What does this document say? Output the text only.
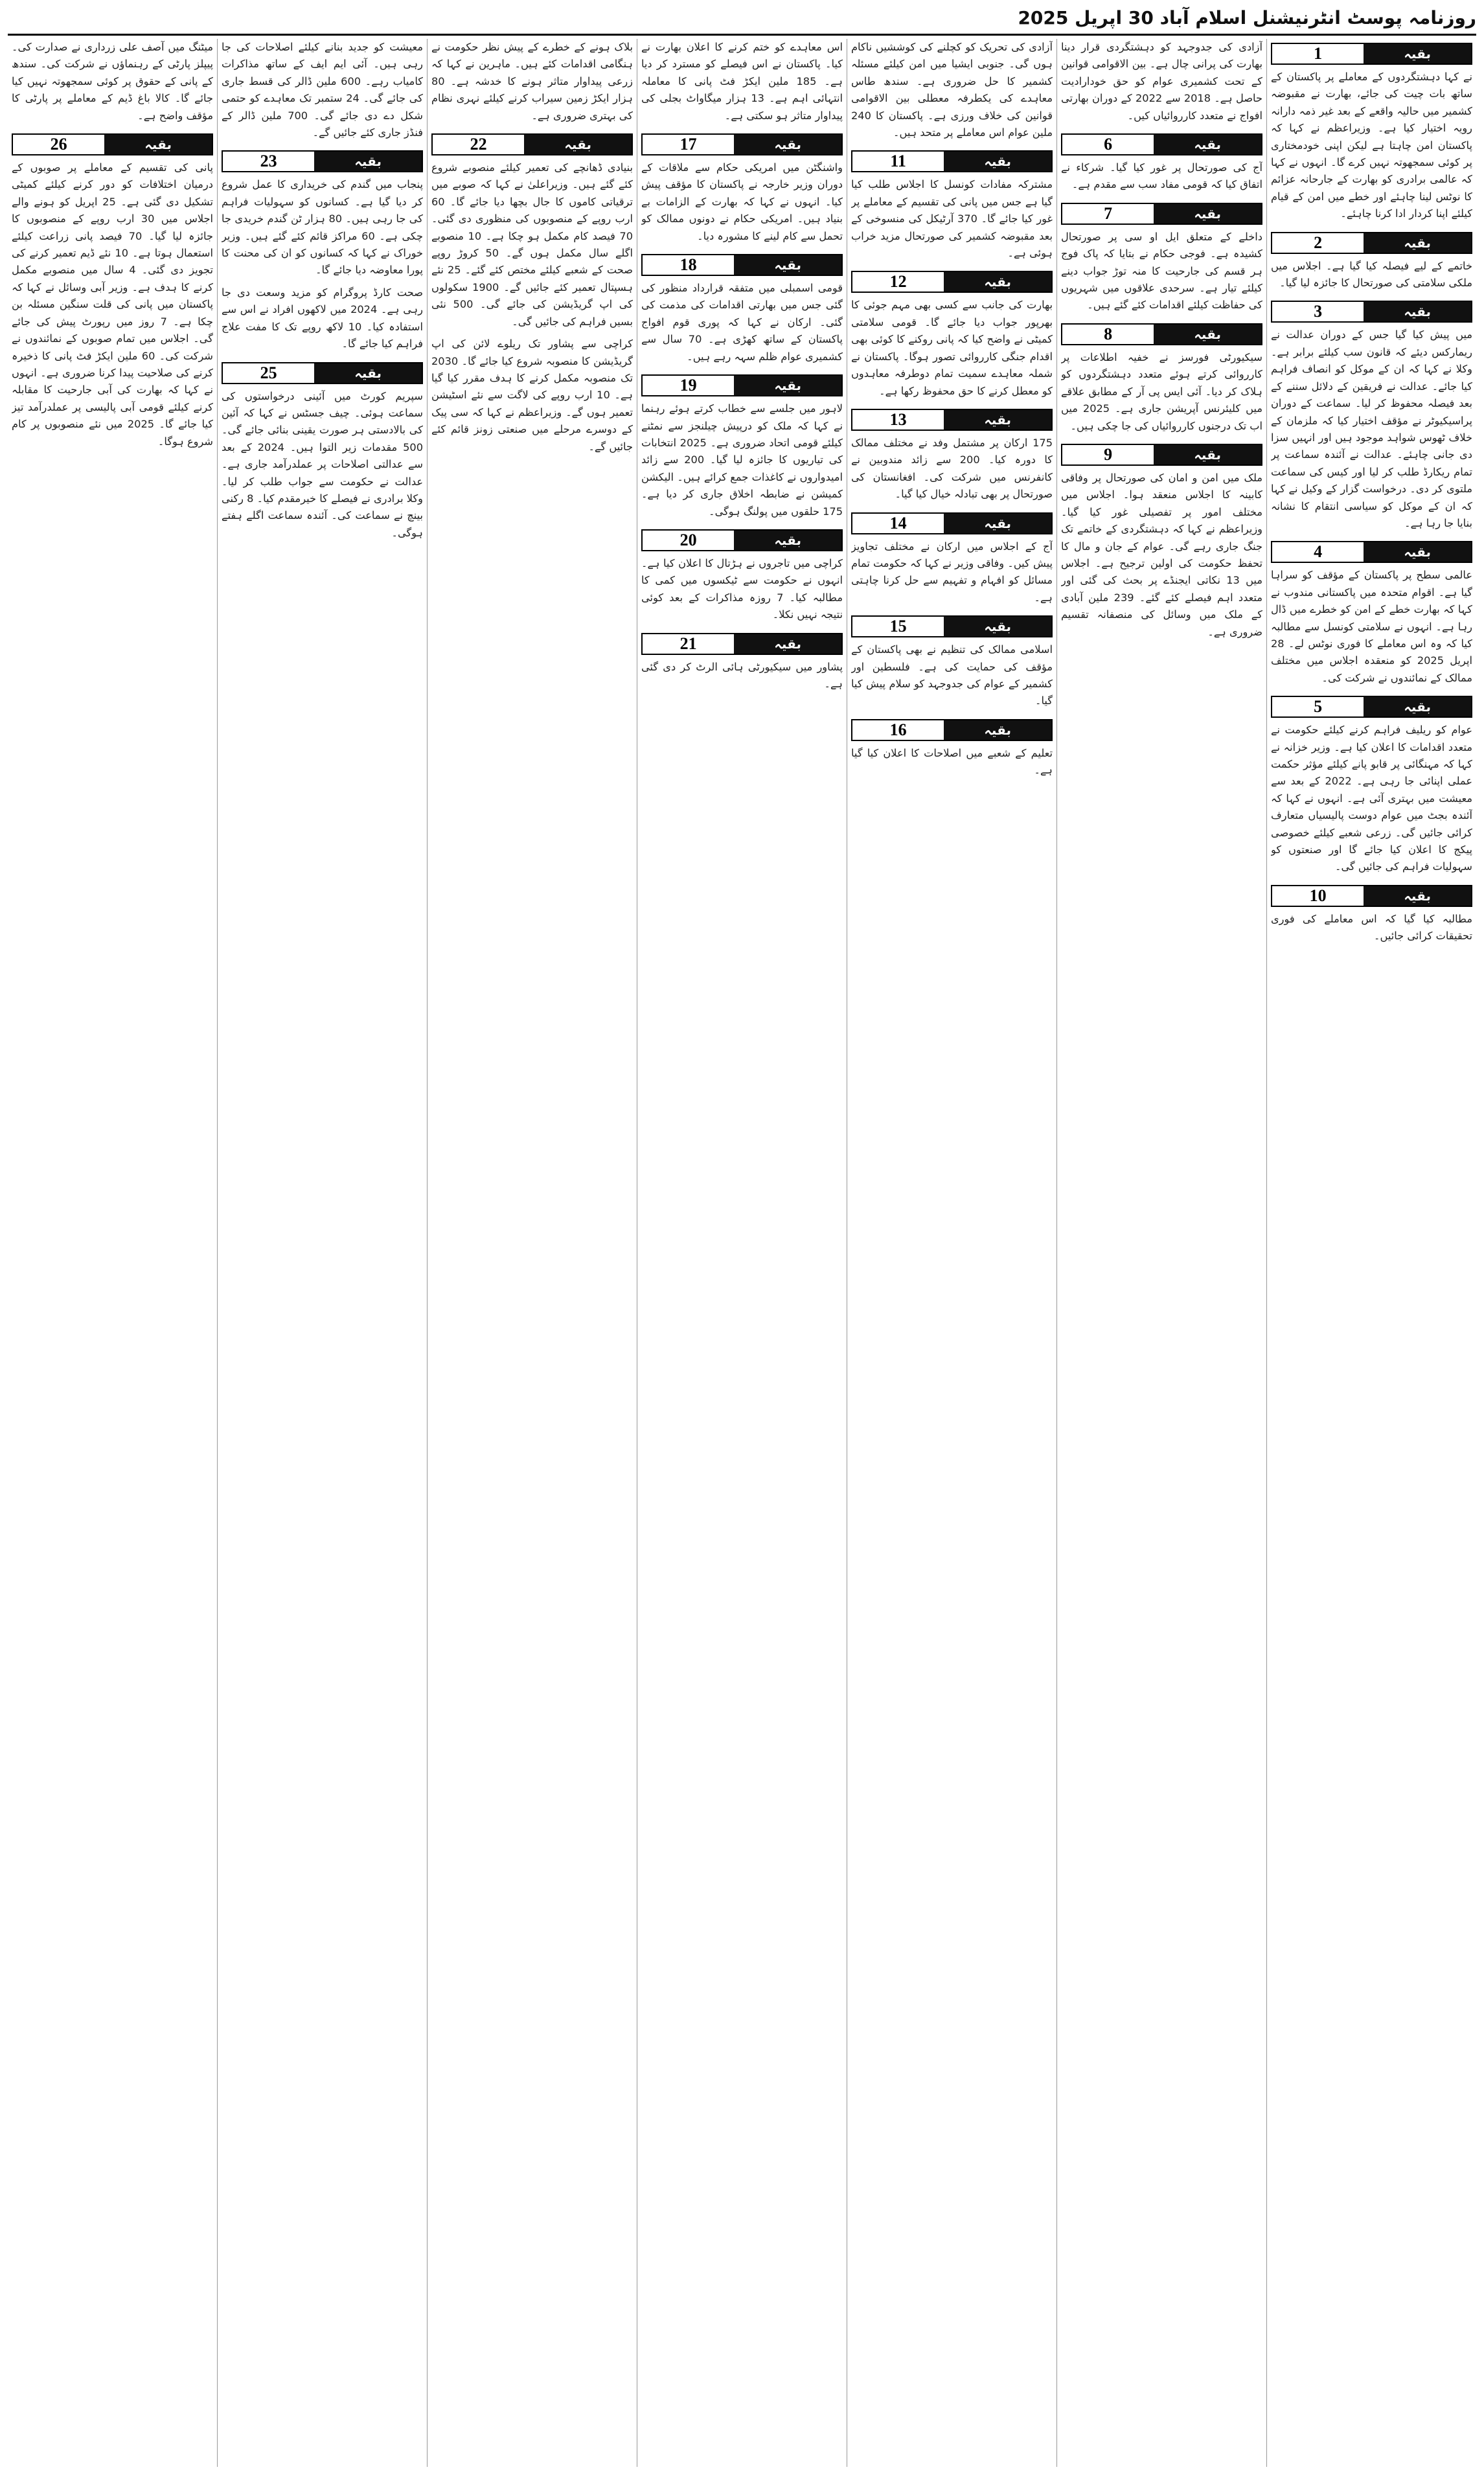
روزنامہ پوسٹ انٹرنیشنل اسلام آباد 30 اپریل 2025
بقیہ
1
نے کہا دہشتگردوں کے معاملے پر پاکستان کے ساتھ بات چیت کی جائے، بھارت نے مقبوضہ کشمیر میں حالیہ واقعے کے بعد غیر ذمہ دارانہ رویہ اختیار کیا ہے۔ وزیراعظم نے کہا کہ پاکستان امن چاہتا ہے لیکن اپنی خودمختاری پر کوئی سمجھوتہ نہیں کرے گا۔ انہوں نے کہا کہ عالمی برادری کو بھارت کے جارحانہ عزائم کا نوٹس لینا چاہئے اور خطے میں امن کے قیام کیلئے اپنا کردار ادا کرنا چاہئے۔
بقیہ
2
خاتمے کے لیے فیصلہ کیا گیا ہے۔ اجلاس میں ملکی سلامتی کی صورتحال کا جائزہ لیا گیا۔
بقیہ
3
میں پیش کیا گیا جس کے دوران عدالت نے ریمارکس دیئے کہ قانون سب کیلئے برابر ہے۔ وکلا نے کہا کہ ان کے موکل کو انصاف فراہم کیا جائے۔ عدالت نے فریقین کے دلائل سننے کے بعد فیصلہ محفوظ کر لیا۔ سماعت کے دوران پراسیکیوٹر نے مؤقف اختیار کیا کہ ملزمان کے خلاف ٹھوس شواہد موجود ہیں اور انہیں سزا دی جانی چاہئے۔ عدالت نے آئندہ سماعت پر تمام ریکارڈ طلب کر لیا اور کیس کی سماعت ملتوی کر دی۔ درخواست گزار کے وکیل نے کہا کہ ان کے موکل کو سیاسی انتقام کا نشانہ بنایا جا رہا ہے۔
بقیہ
4
عالمی سطح پر پاکستان کے مؤقف کو سراہا گیا ہے۔ اقوام متحدہ میں پاکستانی مندوب نے کہا کہ بھارت خطے کے امن کو خطرے میں ڈال رہا ہے۔ انہوں نے سلامتی کونسل سے مطالبہ کیا کہ وہ اس معاملے کا فوری نوٹس لے۔ 28 اپریل 2025 کو منعقدہ اجلاس میں مختلف ممالک کے نمائندوں نے شرکت کی۔
بقیہ
5
عوام کو ریلیف فراہم کرنے کیلئے حکومت نے متعدد اقدامات کا اعلان کیا ہے۔ وزیر خزانہ نے کہا کہ مہنگائی پر قابو پانے کیلئے مؤثر حکمت عملی اپنائی جا رہی ہے۔ 2022 کے بعد سے معیشت میں بہتری آئی ہے۔ انہوں نے کہا کہ آئندہ بجٹ میں عوام دوست پالیسیاں متعارف کرائی جائیں گی۔ زرعی شعبے کیلئے خصوصی پیکج کا اعلان کیا جائے گا اور صنعتوں کو سہولیات فراہم کی جائیں گی۔
بقیہ
10
مطالبہ کیا گیا کہ اس معاملے کی فوری تحقیقات کرائی جائیں۔
آزادی کی جدوجہد کو دہشتگردی قرار دینا بھارت کی پرانی چال ہے۔ بین الاقوامی قوانین کے تحت کشمیری عوام کو حق خودارادیت حاصل ہے۔ 2018 سے 2022 کے دوران بھارتی افواج نے متعدد کارروائیاں کیں۔
بقیہ
6
آج کی صورتحال پر غور کیا گیا۔ شرکاء نے اتفاق کیا کہ قومی مفاد سب سے مقدم ہے۔
بقیہ
7
داخلے کے متعلق ایل او سی پر صورتحال کشیدہ ہے۔ فوجی حکام نے بتایا کہ پاک فوج ہر قسم کی جارحیت کا منہ توڑ جواب دینے کیلئے تیار ہے۔ سرحدی علاقوں میں شہریوں کی حفاظت کیلئے اقدامات کئے گئے ہیں۔
بقیہ
8
سیکیورٹی فورسز نے خفیہ اطلاعات پر کارروائی کرتے ہوئے متعدد دہشتگردوں کو ہلاک کر دیا۔ آئی ایس پی آر کے مطابق علاقے میں کلیئرنس آپریشن جاری ہے۔ 2025 میں اب تک درجنوں کارروائیاں کی جا چکی ہیں۔
بقیہ
9
ملک میں امن و امان کی صورتحال پر وفاقی کابینہ کا اجلاس منعقد ہوا۔ اجلاس میں مختلف امور پر تفصیلی غور کیا گیا۔ وزیراعظم نے کہا کہ دہشتگردی کے خاتمے تک جنگ جاری رہے گی۔ عوام کے جان و مال کا تحفظ حکومت کی اولین ترجیح ہے۔ اجلاس میں 13 نکاتی ایجنڈے پر بحث کی گئی اور متعدد اہم فیصلے کئے گئے۔ 239 ملین آبادی کے ملک میں وسائل کی منصفانہ تقسیم ضروری ہے۔
آزادی کی تحریک کو کچلنے کی کوششیں ناکام ہوں گی۔ جنوبی ایشیا میں امن کیلئے مسئلہ کشمیر کا حل ضروری ہے۔ سندھ طاس معاہدے کی یکطرفہ معطلی بین الاقوامی قوانین کی خلاف ورزی ہے۔ پاکستان کا 240 ملین عوام اس معاملے پر متحد ہیں۔
بقیہ
11
مشترکہ مفادات کونسل کا اجلاس طلب کیا گیا ہے جس میں پانی کی تقسیم کے معاملے پر غور کیا جائے گا۔ 370 آرٹیکل کی منسوخی کے بعد مقبوضہ کشمیر کی صورتحال مزید خراب ہوئی ہے۔
بقیہ
12
بھارت کی جانب سے کسی بھی مہم جوئی کا بھرپور جواب دیا جائے گا۔ قومی سلامتی کمیٹی نے واضح کیا کہ پانی روکنے کا کوئی بھی اقدام جنگی کارروائی تصور ہوگا۔ پاکستان نے شملہ معاہدے سمیت تمام دوطرفہ معاہدوں کو معطل کرنے کا حق محفوظ رکھا ہے۔
بقیہ
13
175 ارکان پر مشتمل وفد نے مختلف ممالک کا دورہ کیا۔ 200 سے زائد مندوبین نے کانفرنس میں شرکت کی۔ افغانستان کی صورتحال پر بھی تبادلہ خیال کیا گیا۔
بقیہ
14
آج کے اجلاس میں ارکان نے مختلف تجاویز پیش کیں۔ وفاقی وزیر نے کہا کہ حکومت تمام مسائل کو افہام و تفہیم سے حل کرنا چاہتی ہے۔
بقیہ
15
اسلامی ممالک کی تنظیم نے بھی پاکستان کے مؤقف کی حمایت کی ہے۔ فلسطین اور کشمیر کے عوام کی جدوجہد کو سلام پیش کیا گیا۔
بقیہ
16
تعلیم کے شعبے میں اصلاحات کا اعلان کیا گیا ہے۔
اس معاہدے کو ختم کرنے کا اعلان بھارت نے کیا۔ پاکستان نے اس فیصلے کو مسترد کر دیا ہے۔ 185 ملین ایکڑ فٹ پانی کا معاملہ انتہائی اہم ہے۔ 13 ہزار میگاواٹ بجلی کی پیداوار متاثر ہو سکتی ہے۔
بقیہ
17
واشنگٹن میں امریکی حکام سے ملاقات کے دوران وزیر خارجہ نے پاکستان کا مؤقف پیش کیا۔ انہوں نے کہا کہ بھارت کے الزامات بے بنیاد ہیں۔ امریکی حکام نے دونوں ممالک کو تحمل سے کام لینے کا مشورہ دیا۔
بقیہ
18
قومی اسمبلی میں متفقہ قرارداد منظور کی گئی جس میں بھارتی اقدامات کی مذمت کی گئی۔ ارکان نے کہا کہ پوری قوم افواج پاکستان کے ساتھ کھڑی ہے۔ 70 سال سے کشمیری عوام ظلم سہہ رہے ہیں۔
بقیہ
19
لاہور میں جلسے سے خطاب کرتے ہوئے رہنما نے کہا کہ ملک کو درپیش چیلنجز سے نمٹنے کیلئے قومی اتحاد ضروری ہے۔ 2025 انتخابات کی تیاریوں کا جائزہ لیا گیا۔ 200 سے زائد امیدواروں نے کاغذات جمع کرائے ہیں۔ الیکشن کمیشن نے ضابطہ اخلاق جاری کر دیا ہے۔ 175 حلقوں میں پولنگ ہوگی۔
بقیہ
20
کراچی میں تاجروں نے ہڑتال کا اعلان کیا ہے۔ انہوں نے حکومت سے ٹیکسوں میں کمی کا مطالبہ کیا۔ 7 روزہ مذاکرات کے بعد کوئی نتیجہ نہیں نکلا۔
بقیہ
21
پشاور میں سیکیورٹی ہائی الرٹ کر دی گئی ہے۔
بلاک ہونے کے خطرے کے پیش نظر حکومت نے ہنگامی اقدامات کئے ہیں۔ ماہرین نے کہا کہ زرعی پیداوار متاثر ہونے کا خدشہ ہے۔ 80 ہزار ایکڑ زمین سیراب کرنے کیلئے نہری نظام کی بہتری ضروری ہے۔
بقیہ
22
بنیادی ڈھانچے کی تعمیر کیلئے منصوبے شروع کئے گئے ہیں۔ وزیراعلیٰ نے کہا کہ صوبے میں ترقیاتی کاموں کا جال بچھا دیا جائے گا۔ 60 ارب روپے کے منصوبوں کی منظوری دی گئی۔ 70 فیصد کام مکمل ہو چکا ہے۔ 10 منصوبے اگلے سال مکمل ہوں گے۔ 50 کروڑ روپے صحت کے شعبے کیلئے مختص کئے گئے۔ 25 نئے ہسپتال تعمیر کئے جائیں گے۔ 1900 سکولوں کی اپ گریڈیشن کی جائے گی۔ 500 نئی بسیں فراہم کی جائیں گی۔
کراچی سے پشاور تک ریلوے لائن کی اپ گریڈیشن کا منصوبہ شروع کیا جائے گا۔ 2030 تک منصوبہ مکمل کرنے کا ہدف مقرر کیا گیا ہے۔ 10 ارب روپے کی لاگت سے نئے اسٹیشن تعمیر ہوں گے۔ وزیراعظم نے کہا کہ سی پیک کے دوسرے مرحلے میں صنعتی زونز قائم کئے جائیں گے۔
معیشت کو جدید بنانے کیلئے اصلاحات کی جا رہی ہیں۔ آئی ایم ایف کے ساتھ مذاکرات کامیاب رہے۔ 600 ملین ڈالر کی قسط جاری کی جائے گی۔ 24 ستمبر تک معاہدے کو حتمی شکل دے دی جائے گی۔ 700 ملین ڈالر کے فنڈز جاری کئے جائیں گے۔
بقیہ
23
پنجاب میں گندم کی خریداری کا عمل شروع کر دیا گیا ہے۔ کسانوں کو سہولیات فراہم کی جا رہی ہیں۔ 80 ہزار ٹن گندم خریدی جا چکی ہے۔ 60 مراکز قائم کئے گئے ہیں۔ وزیر خوراک نے کہا کہ کسانوں کو ان کی محنت کا پورا معاوضہ دیا جائے گا۔
صحت کارڈ پروگرام کو مزید وسعت دی جا رہی ہے۔ 2024 میں لاکھوں افراد نے اس سے استفادہ کیا۔ 10 لاکھ روپے تک کا مفت علاج فراہم کیا جائے گا۔
بقیہ
25
سپریم کورٹ میں آئینی درخواستوں کی سماعت ہوئی۔ چیف جسٹس نے کہا کہ آئین کی بالادستی ہر صورت یقینی بنائی جائے گی۔ 500 مقدمات زیر التوا ہیں۔ 2024 کے بعد سے عدالتی اصلاحات پر عملدرآمد جاری ہے۔ عدالت نے حکومت سے جواب طلب کر لیا۔ وکلا برادری نے فیصلے کا خیرمقدم کیا۔ 8 رکنی بینچ نے سماعت کی۔ آئندہ سماعت اگلے ہفتے ہوگی۔
میٹنگ میں آصف علی زرداری نے صدارت کی۔ پیپلز پارٹی کے رہنماؤں نے شرکت کی۔ سندھ کے پانی کے حقوق پر کوئی سمجھوتہ نہیں کیا جائے گا۔ کالا باغ ڈیم کے معاملے پر پارٹی کا مؤقف واضح ہے۔
بقیہ
26
پانی کی تقسیم کے معاملے پر صوبوں کے درمیان اختلافات کو دور کرنے کیلئے کمیٹی تشکیل دی گئی ہے۔ 25 اپریل کو ہونے والے اجلاس میں 30 ارب روپے کے منصوبوں کا جائزہ لیا گیا۔ 70 فیصد پانی زراعت کیلئے استعمال ہوتا ہے۔ 10 نئے ڈیم تعمیر کرنے کی تجویز دی گئی۔ 4 سال میں منصوبے مکمل کرنے کا ہدف ہے۔ وزیر آبی وسائل نے کہا کہ پاکستان میں پانی کی قلت سنگین مسئلہ بن چکا ہے۔ 7 روز میں رپورٹ پیش کی جائے گی۔ اجلاس میں تمام صوبوں کے نمائندوں نے شرکت کی۔ 60 ملین ایکڑ فٹ پانی کا ذخیرہ کرنے کی صلاحیت پیدا کرنا ضروری ہے۔ انہوں نے کہا کہ بھارت کی آبی جارحیت کا مقابلہ کرنے کیلئے قومی آبی پالیسی پر عملدرآمد تیز کیا جائے گا۔ 2025 میں نئے منصوبوں پر کام شروع ہوگا۔
